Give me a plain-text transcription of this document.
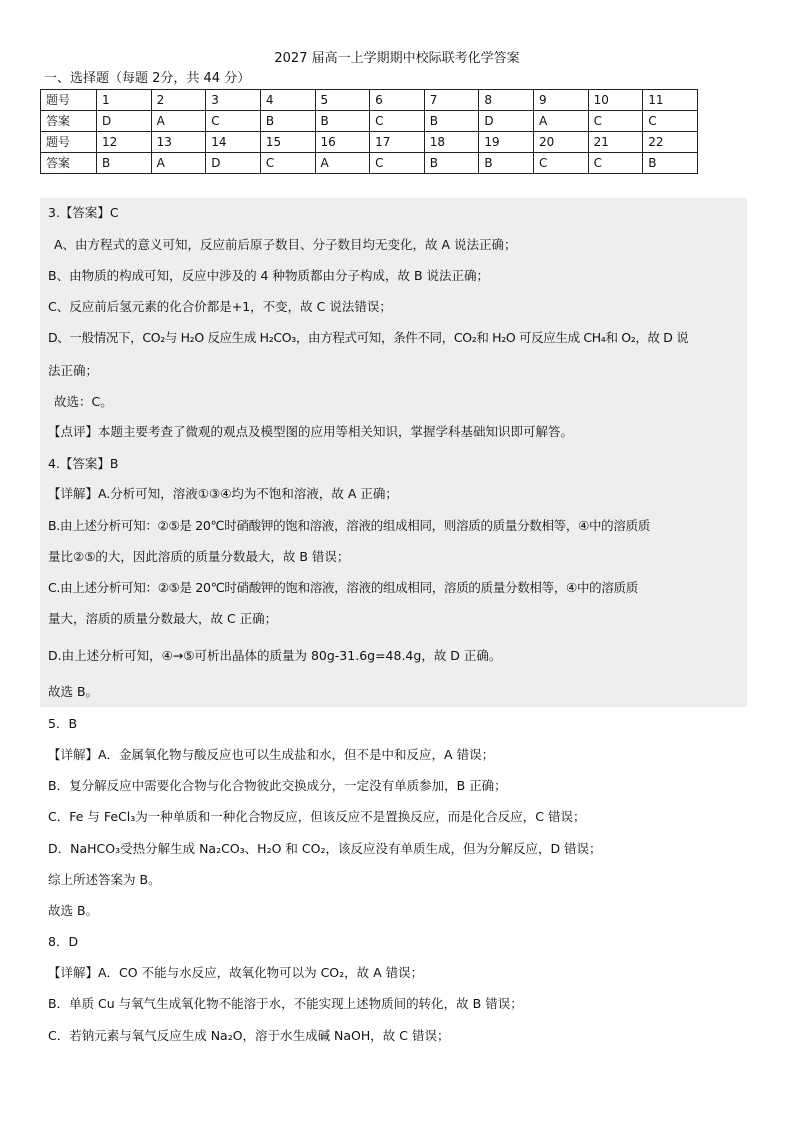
2027 届高一上学期期中校际联考化学答案
一、选择题（每题 2分，共 44 分）
题号	1	2	3	4	5	6	7	8	9	10	11
答案	D	A	C	B	B	C	B	D	A	C	C
题号	12	13	14	15	16	17	18	19	20	21	22
答案	B	A	D	C	A	C	B	B	C	C	B
3.【答案】C
A、由方程式的意义可知，反应前后原子数目、分子数目均无变化，故 A 说法正确；
B、由物质的构成可知，反应中涉及的 4 种物质都由分子构成，故 B 说法正确；
C、反应前后氢元素的化合价都是+1，不变，故 C 说法错误；
D、一般情况下，CO₂与 H₂O 反应生成 H₂CO₃，由方程式可知，条件不同，CO₂和 H₂O 可反应生成 CH₄和 O₂，故 D 说
法正确；
故选：C。
【点评】本题主要考查了微观的观点及模型图的应用等相关知识，掌握学科基础知识即可解答。
4.【答案】B
【详解】A.分析可知，溶液①③④均为不饱和溶液，故 A 正确；
B.由上述分析可知：②⑤是 20℃时硝酸钾的饱和溶液，溶液的组成相同，则溶质的质量分数相等，④中的溶质质
量比②⑤的大，因此溶质的质量分数最大，故 B 错误；
C.由上述分析可知：②⑤是 20℃时硝酸钾的饱和溶液，溶液的组成相同，溶质的质量分数相等，④中的溶质质
量大，溶质的质量分数最大，故 C 正确；
D.由上述分析可知，④→⑤可析出晶体的质量为 80g-31.6g=48.4g，故 D 正确。
故选 B。
5．B
【详解】A．金属氧化物与酸反应也可以生成盐和水，但不是中和反应，A 错误；
B．复分解反应中需要化合物与化合物彼此交换成分，一定没有单质参加，B 正确；
C．Fe 与 FeCl₃为一种单质和一种化合物反应，但该反应不是置换反应，而是化合反应，C 错误；
D．NaHCO₃受热分解生成 Na₂CO₃、H₂O 和 CO₂，该反应没有单质生成，但为分解反应，D 错误；
综上所述答案为 B。
故选 B。
8．D
【详解】A．CO 不能与水反应，故氧化物可以为 CO₂，故 A 错误；
B．单质 Cu 与氧气生成氧化物不能溶于水，不能实现上述物质间的转化，故 B 错误；
C．若钠元素与氧气反应生成 Na₂O，溶于水生成碱 NaOH，故 C 错误；
